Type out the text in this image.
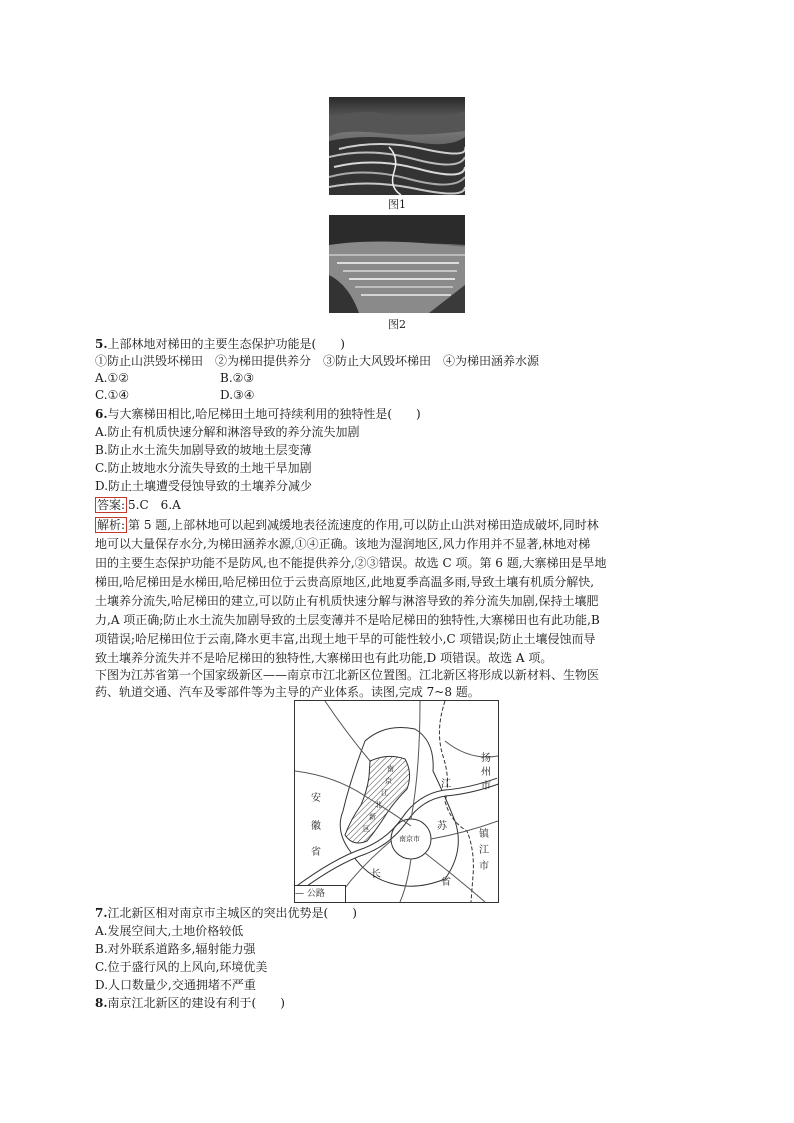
图1
图2
5.上部林地对梯田的主要生态保护功能是(　　)
①防止山洪毁坏梯田　②为梯田提供养分　③防止大风毁坏梯田　④为梯田涵养水源
A.①②	B.②③
C.①④	D.③④
6.与大寨梯田相比,哈尼梯田土地可持续利用的独特性是(　　)
A.防止有机质快速分解和淋溶导致的养分流失加剧
B.防止水土流失加剧导致的坡地土层变薄
C.防止坡地水分流失导致的土地干旱加剧
D.防止土壤遭受侵蚀导致的土壤养分减少
答案: 5.C　6.A
解析: 第 5 题,上部林地可以起到减缓地表径流速度的作用,可以防止山洪对梯田造成破坏,同时林
地可以大量保存水分,为梯田涵养水源,①④正确。该地为湿润地区,风力作用并不显著,林地对梯
田的主要生态保护功能不是防风,也不能提供养分,②③错误。故选 C 项。第 6 题,大寨梯田是旱地
梯田,哈尼梯田是水梯田,哈尼梯田位于云贵高原地区,此地夏季高温多雨,导致土壤有机质分解快,
土壤养分流失,哈尼梯田的建立,可以防止有机质快速分解与淋溶导致的养分流失加剧,保持土壤肥
力,A 项正确;防止水土流失加剧导致的土层变薄并不是哈尼梯田的独特性,大寨梯田也有此功能,B
项错误;哈尼梯田位于云南,降水更丰富,出现土地干旱的可能性较小,C 项错误;防止土壤侵蚀而导
致土壤养分流失并不是哈尼梯田的独特性,大寨梯田也有此功能,D 项错误。故选 A 项。
下图为江苏省第一个国家级新区——南京市江北新区位置图。江北新区将形成以新材料、生物医
药、轨道交通、汽车及零部件等为主导的产业体系。读图,完成 7~8 题。
安
徽
省
江
苏
省
扬
州
市
镇
江
市
南
京
江
北
新
区
南京市
长
— 公路
7.江北新区相对南京市主城区的突出优势是(　　)
A.发展空间大,土地价格较低
B.对外联系道路多,辐射能力强
C.位于盛行风的上风向,环境优美
D.人口数量少,交通拥堵不严重
8.南京江北新区的建设有利于(　　)
